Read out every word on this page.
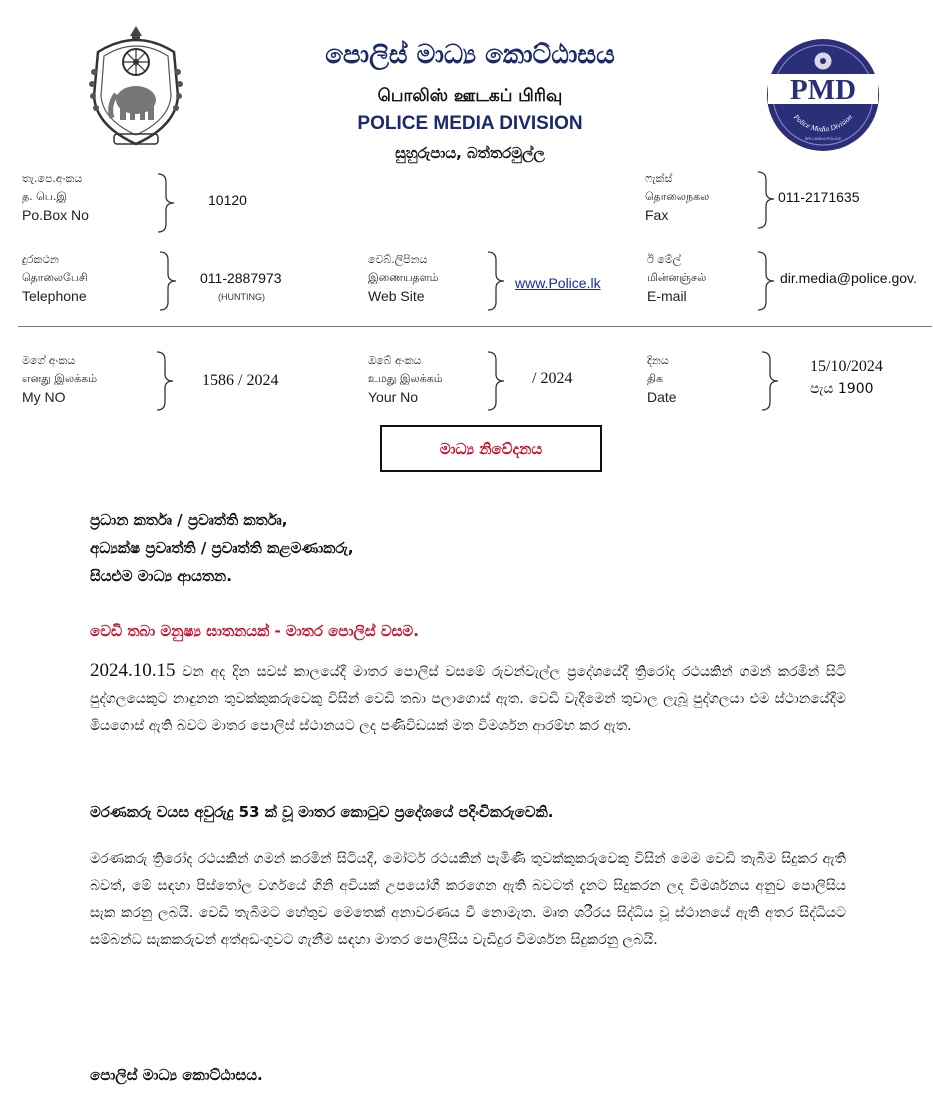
පොලිස් මාධ්‍ය කොට්ඨාසය
பொலிஸ் ஊடகப் பிரிவு
POLICE MEDIA DIVISION
සුහුරුපාය, බත්තරමුල්ල
PMD
Police Media Division
SRI LANKA POLICE
තැ.පෙ.අංකය
த. பெ.இ
Po.Box No
10120
ෆැක්ස්
தொலைநகல
Fax
011-2171635
දුරකථන
தொலைபேசி
Telephone
011-2887973
(HUNTING)
වෙබ්.ලිපිනය
இணையதளம்
Web Site
www.Police.lk
ඊ මේල්
மின்னஞ்சல்
E-mail
dir.media@police.gov.
මගේ අංකය
எனது இலக்கம்
My NO
1586 / 2024
ඔබේ අංකය
உமது இலக்கம்
Your No
/ 2024
දිනය
திக
Date
15/10/2024
පැය 1900
මාධ්‍ය නිවේදනය
ප්‍රධාන කර්තෘ / ප්‍රවෘත්ති කර්තෘ,
අධ්‍යක්ෂ ප්‍රවෘත්ති / ප්‍රවෘත්ති කළමණාකරු,
සියළුම මාධ්‍ය ආයතන.
වෙඩි තබා මනුෂ්‍ය ඝාතනයක් - මාතර පොලිස් වසම.
2024.10.15 වන අද දින සවස් කාලයේදී මාතර පොලිස් වසමේ රුවන්වැල්ල ප්‍රදේශයේදී ත්‍රිරෝද රථයකින් ගමන් කරමින් සිටි පුද්ගලයෙකුට නාඳුනන තුවක්කුකරුවෙකු විසින් වෙඩි තබා පලාගොස් ඇත. වෙඩි වැදීමෙන් තුවාල ලැබූ පුද්ගලයා එම ස්ථානයේදීම මියගොස් ඇති බවට මාතර පොලිස් ස්ථානයට ලද පණිවිඩයක් මත විමර්ශන ආරම්භ කර ඇත.
මරණකරු වයස අවුරුදු 53 ක් වූ මාතර කොටුව ප්‍රදේශයේ පදිංචිකරුවෙකි.
මරණකරු ත්‍රිරෝද රථයකින් ගමන් කරමින් සිටියදී, මෝටර් රථයකින් පැමිණි තුවක්කුකරුවෙකු විසින් මෙම වෙඩි තැබීම සිදුකර ඇති බවත්, මේ සඳහා පිස්තෝල වර්ගයේ ගිනි අවියක් උපයෝගී කරගෙන ඇති බවටත් දැනට සිදුකරන ලද විමර්ශනය අනුව පොලිසිය සැක කරනු ලබයි. වෙඩි තැබීමට හේතුව මෙතෙක් අනාවරණය වී නොමැත. මෘත ශරීරය සිද්ධිය වූ ස්ථානයේ ඇති අතර සිද්ධියට සම්බන්ධ සැකකරුවන් අත්අඩංගුවට ගැනීම සඳහා මාතර පොලිසිය වැඩිදුර විමර්ශන සිදුකරනු ලබයි.
පොලිස් මාධ්‍ය කොට්ඨාසය.
